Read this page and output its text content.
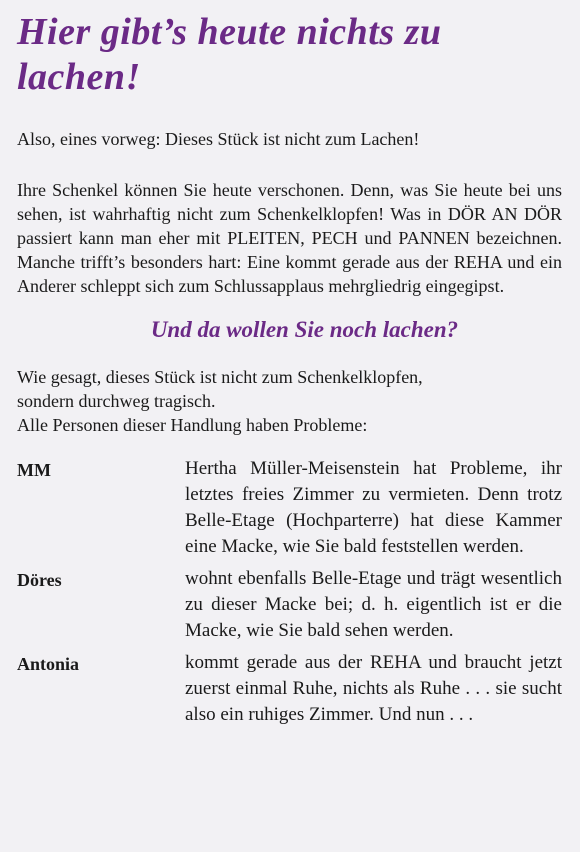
Hier gibt’s heute nichts zu lachen!

Also, eines vorweg: Dieses Stück ist nicht zum Lachen!

Ihre Schenkel können Sie heute verschonen. Denn, was Sie heute bei uns sehen, ist wahrhaftig nicht zum Schenkelklopfen! Was in DÖR AN DÖR passiert kann man eher mit PLEITEN, PECH und PANNEN bezeichnen. Manche trifft’s besonders hart: Eine kommt gerade aus der REHA und ein Anderer schleppt sich zum Schlussapplaus mehrgliedrig eingegipst.

Und da wollen Sie noch lachen?
Wie gesagt, dieses Stück ist nicht zum Schenkelklopfen,
sondern durchweg tragisch.
Alle Personen dieser Handlung haben Probleme:
MM	Hertha Müller-Meisenstein hat Probleme, ihr letztes freies Zimmer zu vermieten. Denn trotz Belle-Etage (Hochparterre) hat diese Kammer eine Macke, wie Sie bald feststellen werden.
Döres	wohnt ebenfalls Belle-Etage und trägt wesentlich zu dieser Macke bei; d. h. eigentlich ist er die Macke, wie Sie bald sehen werden.
Antonia	kommt gerade aus der REHA und braucht jetzt zuerst einmal Ruhe, nichts als Ruhe . . . sie sucht also ein ruhiges Zimmer. Und nun . . .
